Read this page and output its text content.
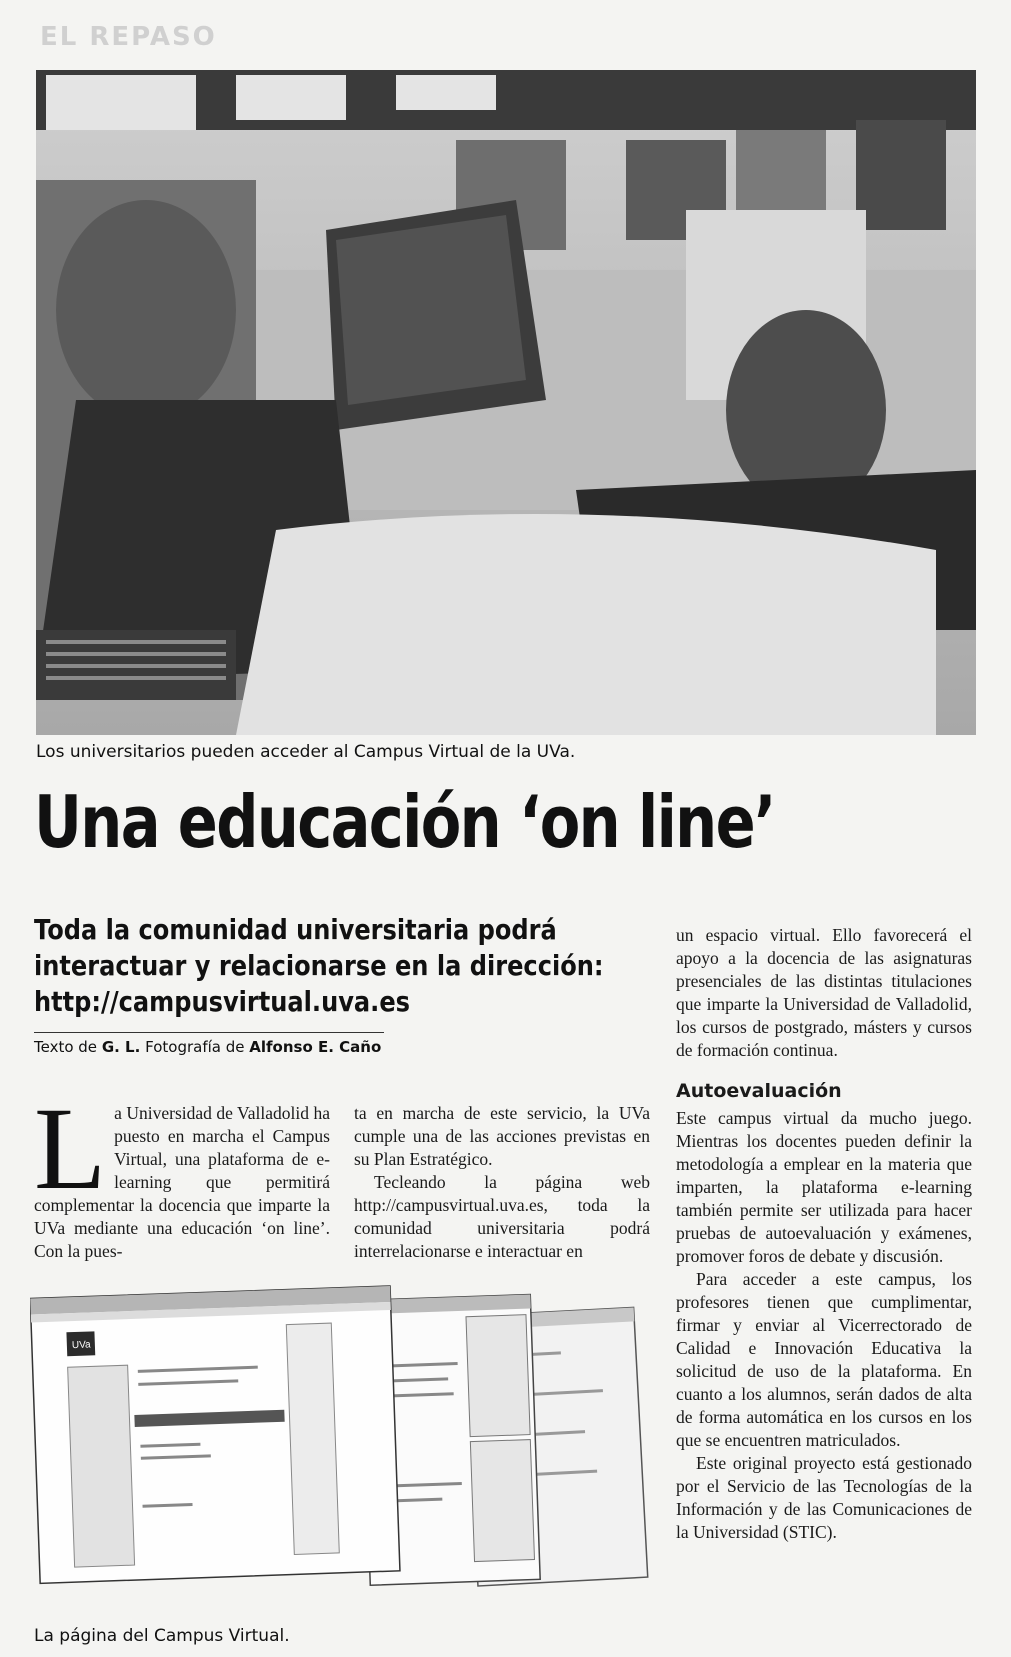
EL REPASO
Los universitarios pueden acceder al Campus Virtual de la UVa.
Una educación ‘on line’
Toda la comunidad universitaria podrá
interactuar y relacionarse en la dirección:
http://campusvirtual.uva.es
Texto de G. L. Fotografía de Alfonso E. Caño

La Universidad de Valladolid ha puesto en marcha el Campus Virtual, una plataforma de e-learning que permitirá complementar la docencia que imparte la UVa mediante una educación ‘on line’. Con la pues-

ta en marcha de este servicio, la UVa cumple una de las acciones previstas en su Plan Estratégico.

Tecleando la página web http://campusvirtual.uva.es, toda la comunidad universitaria podrá interrelacionarse e interactuar en

un espacio virtual. Ello favorecerá el apoyo a la docencia de las asignaturas presenciales de las distintas titulaciones que imparte la Universidad de Valladolid, los cursos de postgrado, másters y cursos de formación continua.

Autoevaluación

Este campus virtual da mucho juego. Mientras los docentes pueden definir la metodología a emplear en la materia que imparten, la plataforma e-learning también permite ser utilizada para hacer pruebas de autoevaluación y exámenes, promover foros de debate y discusión.

Para acceder a este campus, los profesores tienen que cumplimentar, firmar y enviar al Vicerrectorado de Calidad e Innovación Educativa la solicitud de uso de la plataforma. En cuanto a los alumnos, serán dados de alta de forma automática en los cursos en los que se encuentren matriculados.

Este original proyecto está gestionado por el Servicio de las Tecnologías de la Información y de las Comunicaciones de la Universidad (STIC).

UVa
La página del Campus Virtual.
